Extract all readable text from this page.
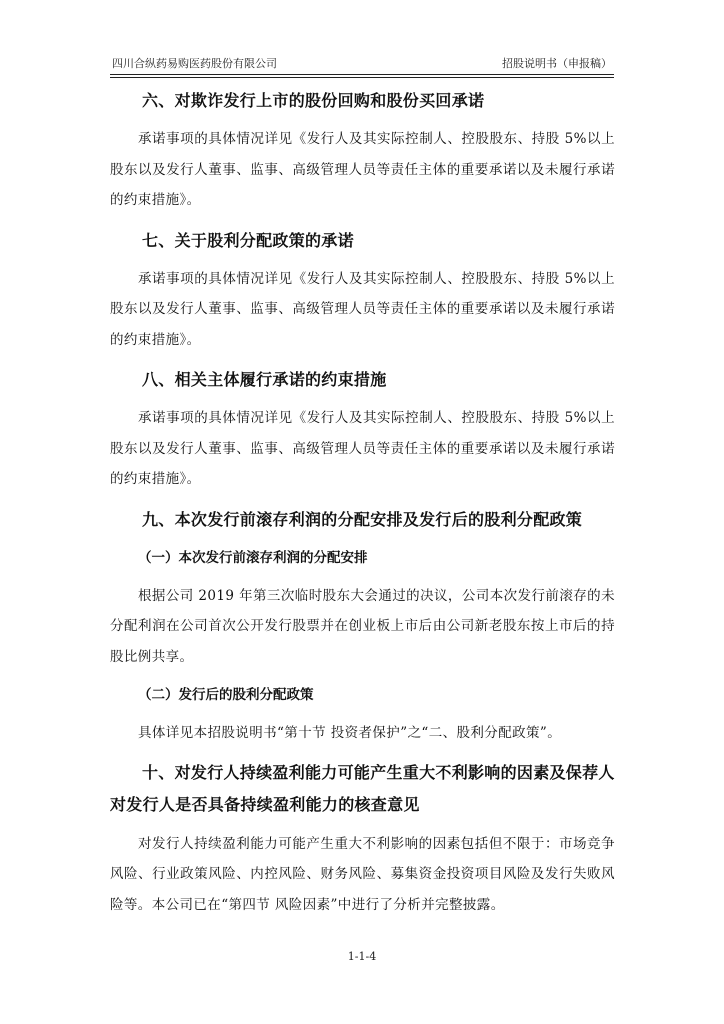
四川合纵药易购医药股份有限公司	招股说明书（申报稿）
六、对欺诈发行上市的股份回购和股份买回承诺

承诺事项的具体情况详见《发行人及其实际控制人、控股股东、持股 5%以上股东以及发行人董事、监事、高级管理人员等责任主体的重要承诺以及未履行承诺的约束措施》。

七、关于股利分配政策的承诺

承诺事项的具体情况详见《发行人及其实际控制人、控股股东、持股 5%以上股东以及发行人董事、监事、高级管理人员等责任主体的重要承诺以及未履行承诺的约束措施》。

八、相关主体履行承诺的约束措施

承诺事项的具体情况详见《发行人及其实际控制人、控股股东、持股 5%以上股东以及发行人董事、监事、高级管理人员等责任主体的重要承诺以及未履行承诺的约束措施》。

九、本次发行前滚存利润的分配安排及发行后的股利分配政策
（一）本次发行前滚存利润的分配安排

根据公司 2019 年第三次临时股东大会通过的决议，公司本次发行前滚存的未分配利润在公司首次公开发行股票并在创业板上市后由公司新老股东按上市后的持股比例共享。

（二）发行后的股利分配政策

具体详见本招股说明书“第十节 投资者保护”之“二、股利分配政策”。

十、对发行人持续盈利能力可能产生重大不利影响的因素及保荐人对发行人是否具备持续盈利能力的核查意见

对发行人持续盈利能力可能产生重大不利影响的因素包括但不限于：市场竞争风险、行业政策风险、内控风险、财务风险、募集资金投资项目风险及发行失败风险等。本公司已在“第四节 风险因素”中进行了分析并完整披露。

1-1-4
